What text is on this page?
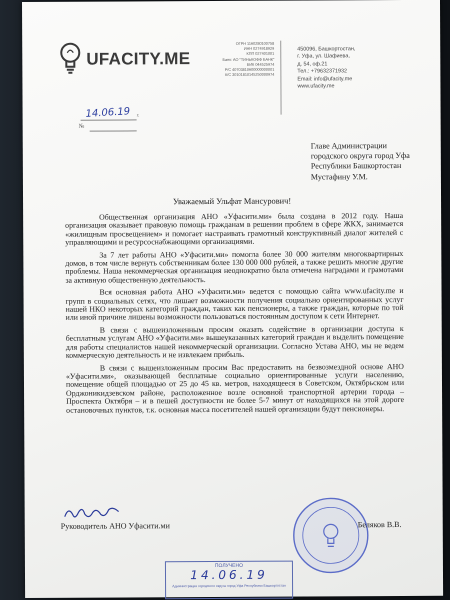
UFACITY.ME
ОГРН 1160280100758
ИНН 0274918929
КПП 027401001
Банк: АО "ТИНЬКОФФ БАНК"
БИК 044525974
Р/С 40703810600000000001
К/С 30101810145250000974
450096, Башкортостан,
г. Уфа, ул. Шафиева,
д. 54, оф.21
Тел.: +79632371932
Email: info@ufacity.me
www.ufacity.me
14.06.19 г.
№
Главе Администрации
городского округа город Уфа
Республики Башкортостан
Мустафину У.М.
Уважаемый Ульфат Мансурович!

Общественная организация АНО «Уфасити.ми» была создана в 2012 году. Наша организация оказывает правовую помощь гражданам в решении проблем в сфере ЖКХ, занимается «жилищным просвещением» и помогает настраивать грамотный конструктивный диалог жителей с управляющими и ресурсоснабжающими организациями.

За 7 лет работы АНО «Уфасити.ми» помогла более 30 000 жителям многоквартирных домов, в том числе вернуть собственникам более 130 000 000 рублей, а также решить многие другие проблемы. Наша некоммерческая организация неоднократно была отмечена наградами и грамотами за активную общественную деятельность.

Вся основная работа АНО «Уфасити.ми» ведется с помощью сайта www.ufacity.me и групп в социальных сетях, что лишает возможности получения социально ориентированных услуг нашей НКО некоторых категорий граждан, таких как пенсионеры, а также граждан, которые по той или иной причине лишены возможности пользоваться постоянным доступом к сети Интернет.

В связи с вышеизложенным просим оказать содействие в организации доступа к бесплатным услугам АНО «Уфасити.ми» вышеуказанных категорий граждан и выделить помещение для работы специалистов нашей некоммерческой организации. Согласно Устава АНО, мы не ведем коммерческую деятельность и не извлекаем прибыль.

В связи с вышеизложенным просим Вас предоставить на безвозмездной основе АНО «Уфасити.ми», оказывающей бесплатные социально ориентированные услуги населению, помещение общей площадью от 25 до 45 кв. метров, находящееся в Советском, Октябрьском или Орджоникидзевском районе, расположенное возле основной транспортной артерии города – Проспекта Октября – и в пешей доступности не более 5-7 минут от находящихся на этой дороге остановочных пунктов, т.к. основная масса посетителей нашей организации будут пенсионеры.

Руководитель АНО Уфасити.ми	Беляков В.В.
ПОЛУЧЕНО
14.06.19
Администрация городского округа город Уфа Республики Башкортостан
